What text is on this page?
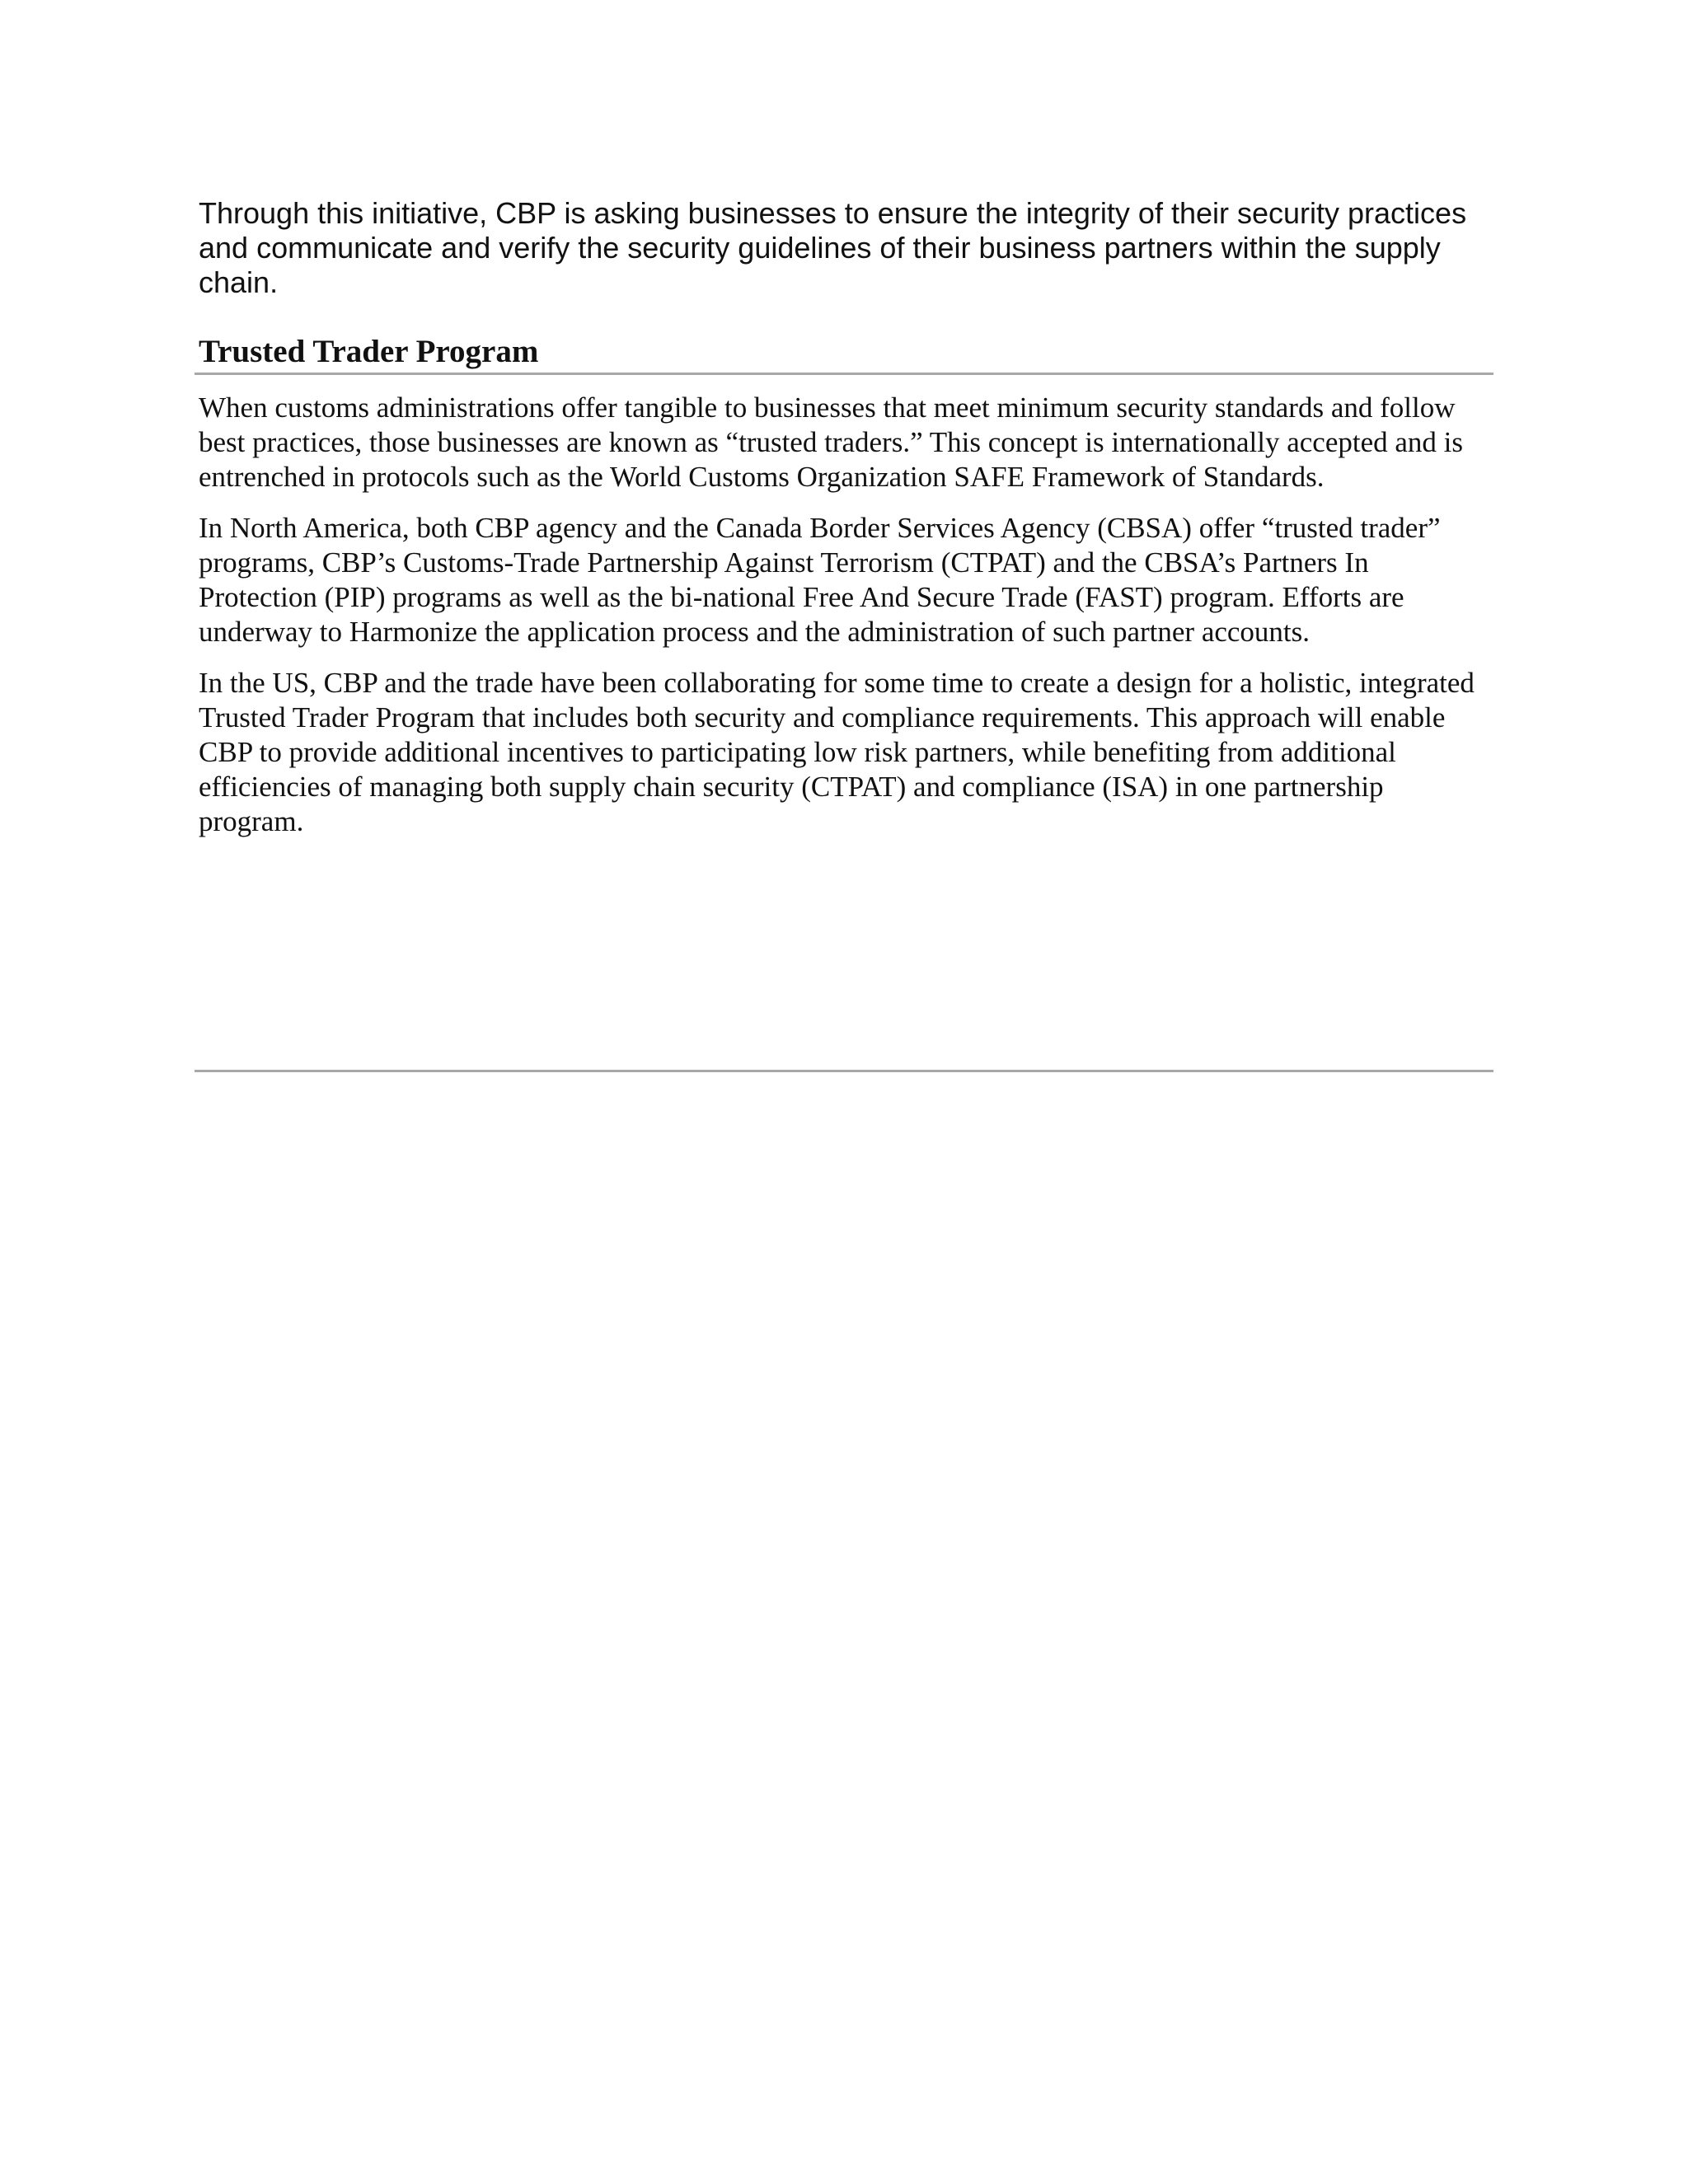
Through this initiative, CBP is asking businesses to ensure the integrity of their security practices and communicate and verify the security guidelines of their business partners within the supply chain.

Trusted Trader Program

When customs administrations offer tangible to businesses that meet minimum security standards and follow best practices, those businesses are known as “trusted traders.” This concept is internationally accepted and is entrenched in protocols such as the World Customs Organization SAFE Framework of Standards.

In North America, both CBP agency and the Canada Border Services Agency (CBSA) offer “trusted trader” programs, CBP’s Customs-Trade Partnership Against Terrorism (CTPAT) and the CBSA’s Partners In Protection (PIP) programs as well as the bi-national Free And Secure Trade (FAST) program. Efforts are underway to Harmonize the application process and the administration of such partner accounts.

In the US, CBP and the trade have been collaborating for some time to create a design for a holistic, integrated Trusted Trader Program that includes both security and compliance requirements. This approach will enable CBP to provide additional incentives to participating low risk partners, while benefiting from additional efficiencies of managing both supply chain security (CTPAT) and compliance (ISA) in one partnership program.
